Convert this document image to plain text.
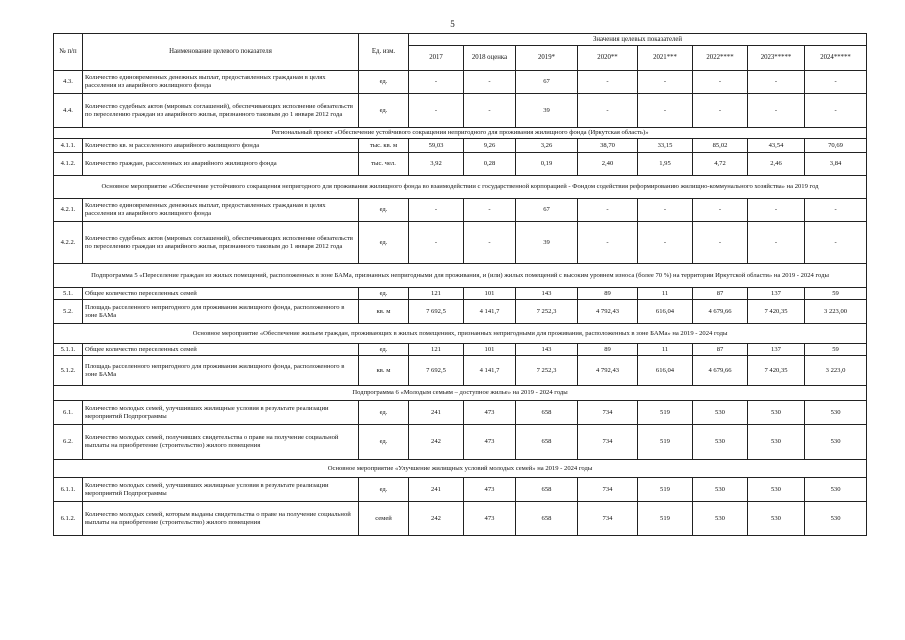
5
№ п/п	Наименование целевого показателя	Ед. изм.	Значения целевых показателей							
			2017	2018 оценка	2019*	2020**	2021***	2022****	2023*****	2024*****
4.3.	Количество единовременных денежных выплат, предоставленных гражданам в целях расселения из аварийного жилищного фонда	ед.	-	-	67	-	-	-	-	-
4.4.	Количество судебных актов (мировых соглашений), обеспечивающих исполнение обязательств по переселению граждан из аварийного жилья, признанного таковым до 1 января 2012 года	ед.	-	-	39	-	-	-	-	-
Региональный проект «Обеспечение устойчивого сокращения непригодного для проживания жилищного фонда (Иркутская область)»										
4.1.1.	Количество кв. м расселенного аварийного жилищного фонда	тыс. кв. м	59,03	9,26	3,26	38,70	33,15	85,02	43,54	70,69
4.1.2.	Количество граждан, расселенных из аварийного жилищного фонда	тыс. чел.	3,92	0,28	0,19	2,40	1,95	4,72	2,46	3,84
Основное мероприятие «Обеспечение устойчивого сокращения непригодного для проживания жилищного фонда во взаимодействии с государственной корпорацией - Фондом содействия реформированию жилищно-коммунального хозяйства» на 2019 год										
4.2.1.	Количество единовременных денежных выплат, предоставленных гражданам в целях расселения из аварийного жилищного фонда	ед.	-	-	67	-	-	-	-	-
4.2.2.	Количество судебных актов (мировых соглашений), обеспечивающих исполнение обязательств по переселению граждан из аварийного жилья, признанного таковым до 1 января 2012 года	ед.	-	-	39	-	-	-	-	-
Подпрограмма 5 «Переселение граждан из жилых помещений, расположенных в зоне БАМа, признанных непригодными для проживания, и (или) жилых помещений с высоким уровнем износа (более 70 %) на территории Иркутской области» на 2019 - 2024 годы										
5.1.	Общее количество переселенных семей	ед.	121	101	143	89	11	87	137	59
5.2.	Площадь расселенного непригодного для проживания жилищного фонда, расположенного в зоне БАМа	кв. м	7 692,5	4 141,7	7 252,3	4 792,43	616,04	4 679,66	7 420,35	3 223,00
Основное мероприятие «Обеспечение жильем граждан, проживающих в жилых помещениях, признанных непригодными для проживания, расположенных в зоне БАМа» на 2019 - 2024 годы										
5.1.1.	Общее количество переселенных семей	ед.	121	101	143	89	11	87	137	59
5.1.2.	Площадь расселенного непригодного для проживания жилищного фонда, расположенного в зоне БАМа	кв. м	7 692,5	4 141,7	7 252,3	4 792,43	616,04	4 679,66	7 420,35	3 223,0
Подпрограмма 6 «Молодым семьям – доступное жилье» на 2019 - 2024 годы										
6.1.	Количество молодых семей, улучшивших жилищные условия в результате реализации мероприятий Подпрограммы	ед.	241	473	658	734	519	530	530	530
6.2.	Количество молодых семей, получивших свидетельства о праве на получение социальной выплаты на приобретение (строительство) жилого помещения	ед.	242	473	658	734	519	530	530	530
Основное мероприятие «Улучшение жилищных условий молодых семей» на 2019 - 2024 годы										
6.1.1.	Количество молодых семей, улучшивших жилищные условия в результате реализации мероприятий Подпрограммы	ед.	241	473	658	734	519	530	530	530
6.1.2.	Количество молодых семей, которым выданы свидетельства о праве на получение социальной выплаты на приобретение (строительство) жилого помещения	семей	242	473	658	734	519	530	530	530
